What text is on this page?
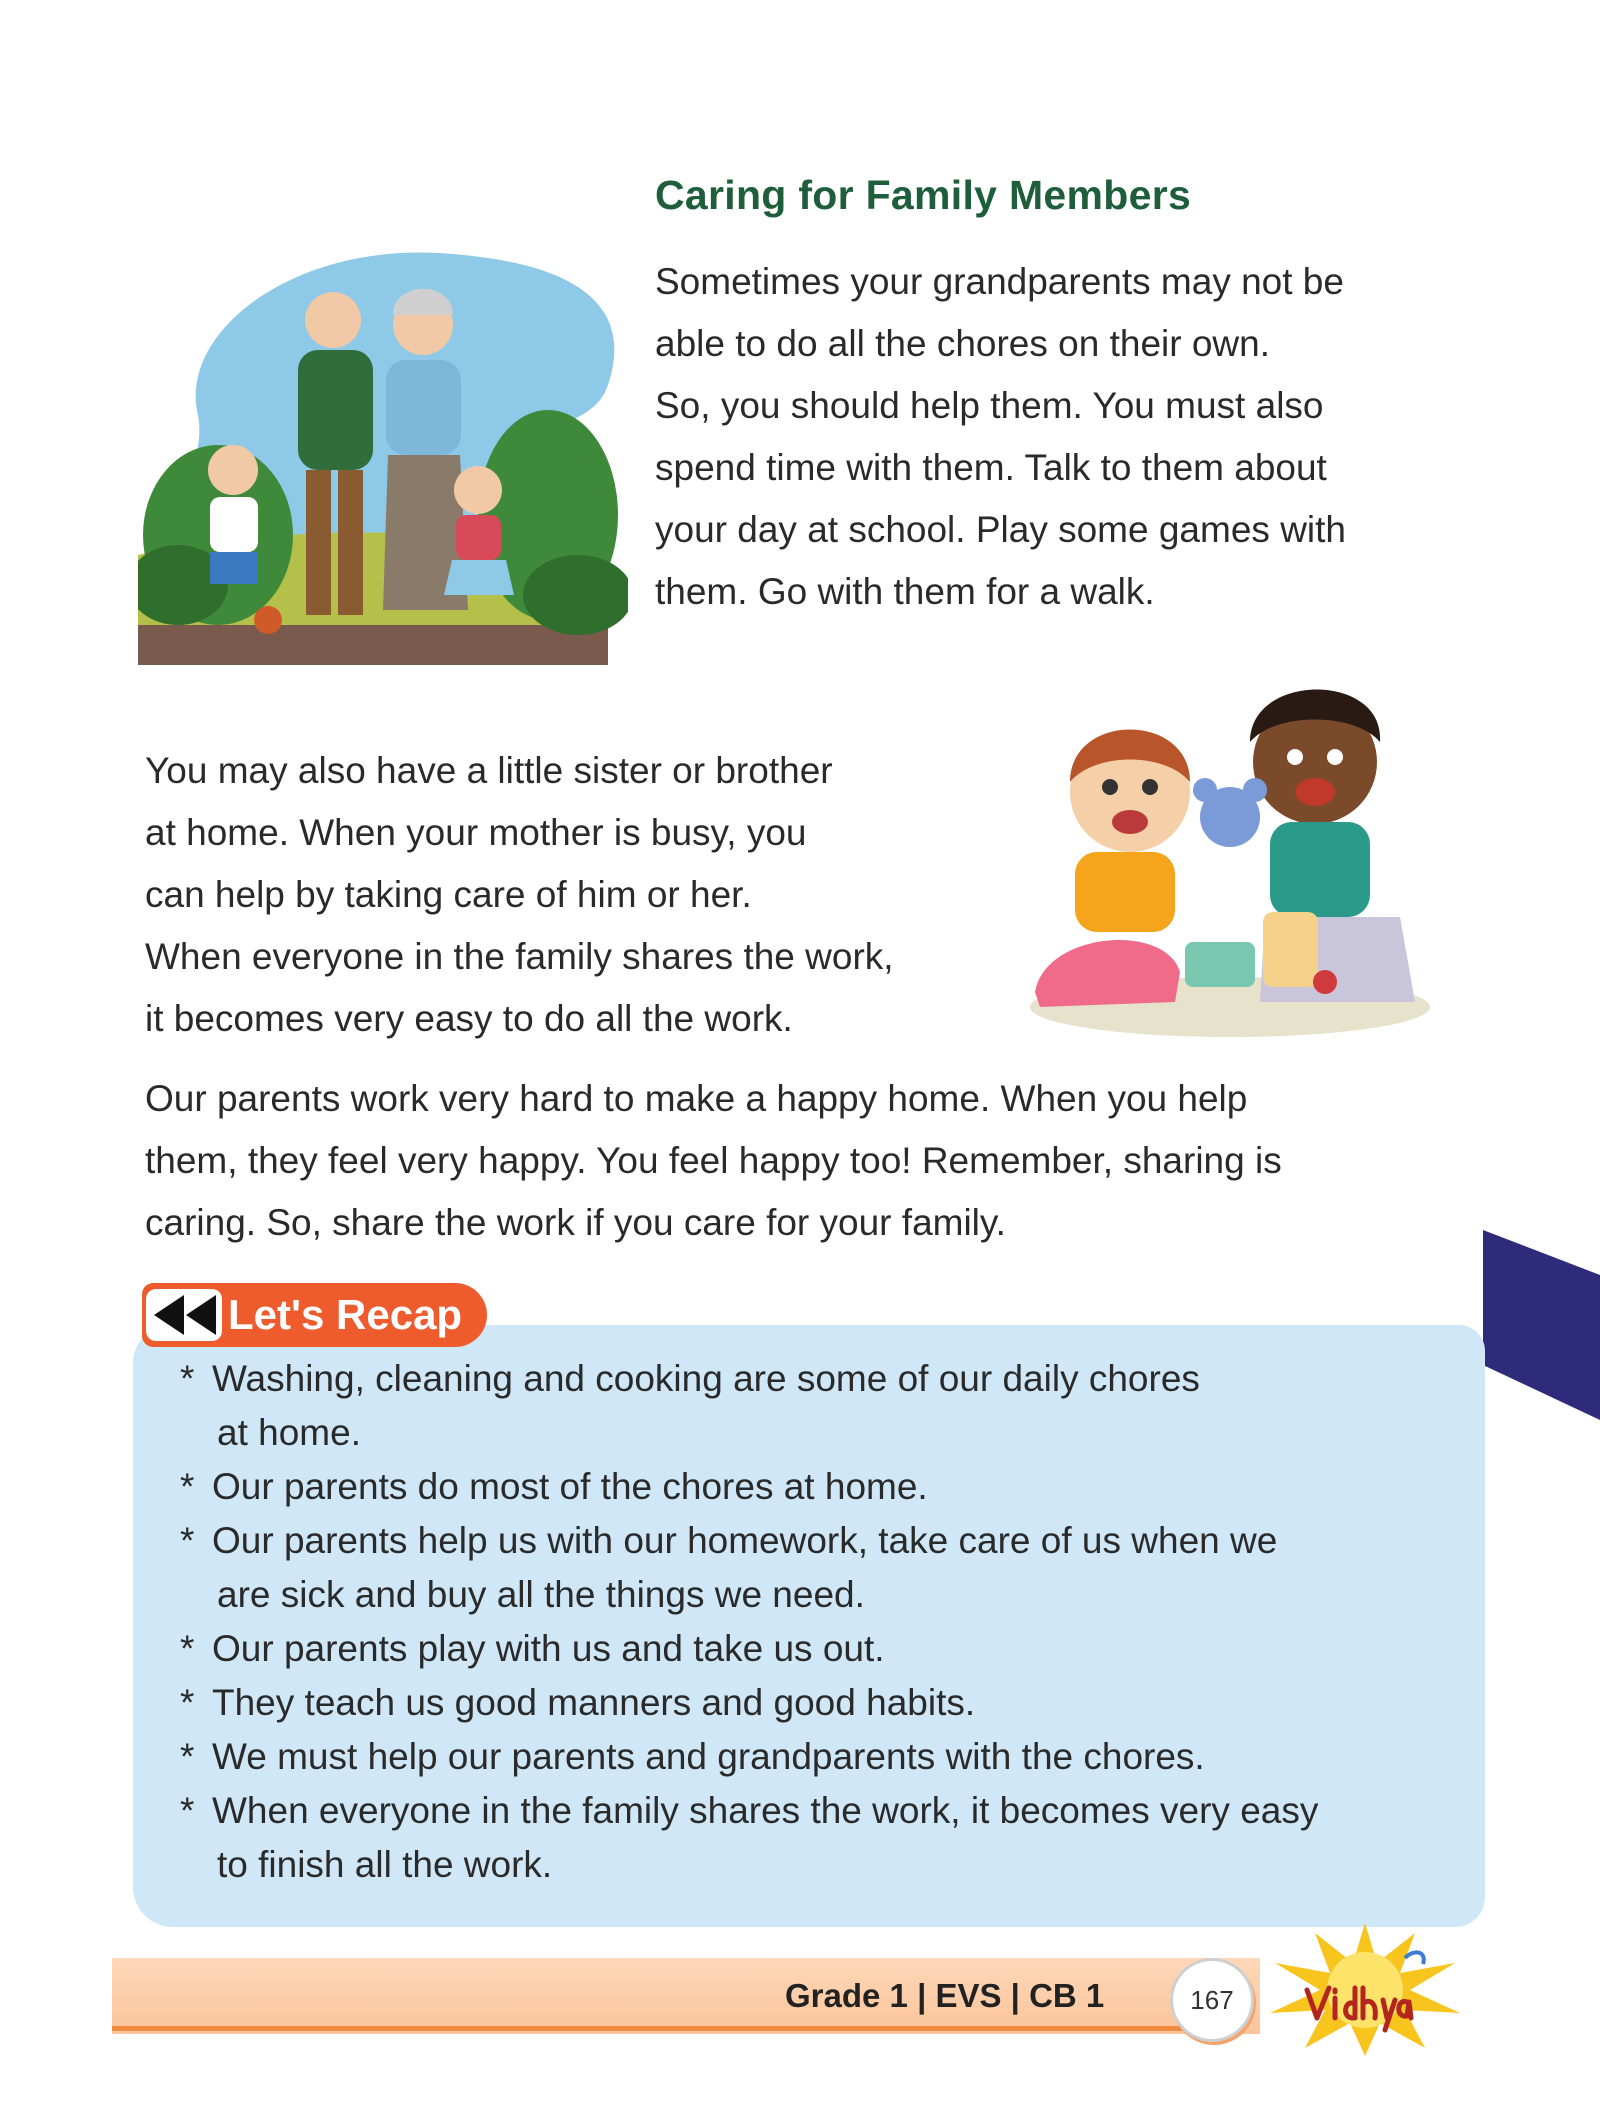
Caring for Family Members

Sometimes your grandparents may not be

able to do all the chores on their own.

So, you should help them. You must also

spend time with them. Talk to them about

your day at school. Play some games with

them. Go with them for a walk.

You may also have a little sister or brother

at home. When your mother is busy, you

can help by taking care of him or her.

When everyone in the family shares the work,

it becomes very easy to do all the work.

Our parents work very hard to make a happy home. When you help

them, they feel very happy. You feel happy too! Remember, sharing is

caring. So, share the work if you care for your family.

Let's Recap
* Washing, cleaning and cooking are some of our daily chores
at home.
* Our parents do most of the chores at home.
* Our parents help us with our homework, take care of us when we
are sick and buy all the things we need.
* Our parents play with us and take us out.
* They teach us good manners and good habits.
* We must help our parents and grandparents with the chores.
* When everyone in the family shares the work, it becomes very easy
to finish all the work.
Grade 1 | EVS | CB 1	167
